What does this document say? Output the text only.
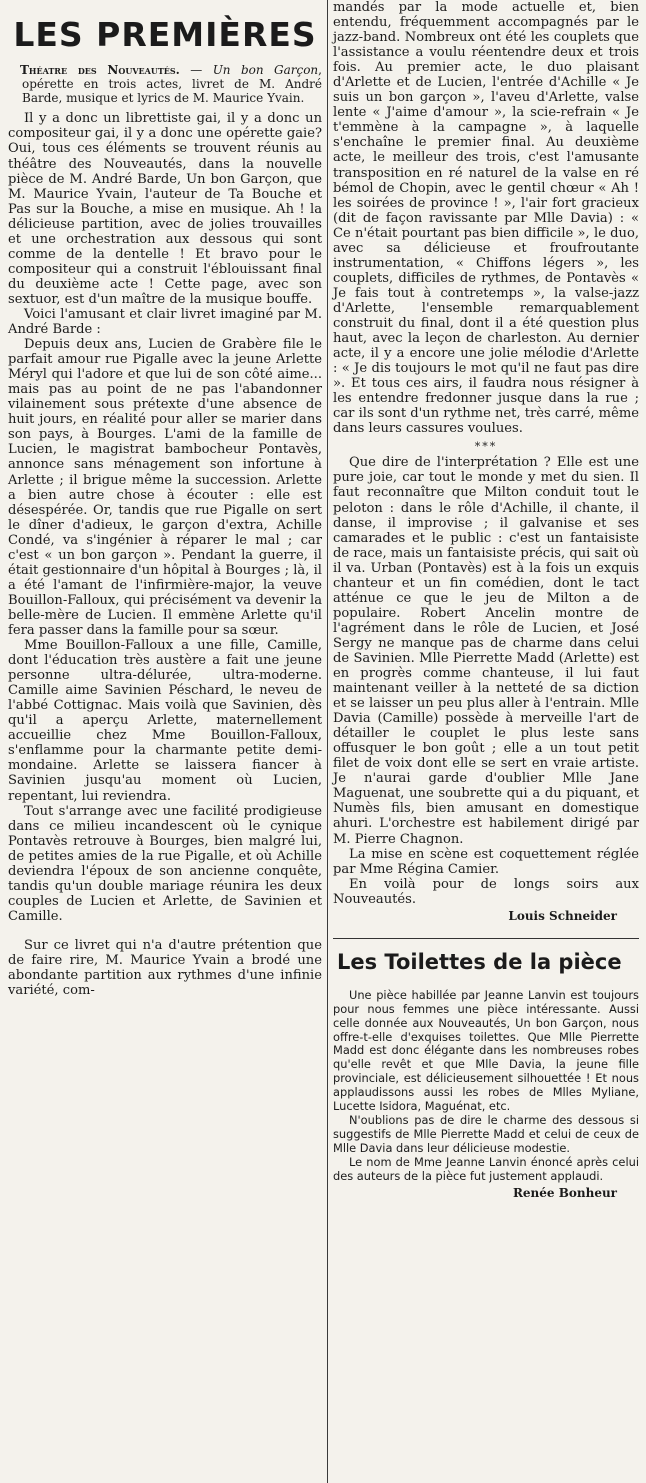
LES PREMIÈRES
Théatre des Nouveautés. — Un bon Garçon, opérette en trois actes, livret de M. André Barde, musique et lyrics de M. Maurice Yvain.

Il y a donc un librettiste gai, il y a donc un compositeur gai, il y a donc une opérette gaie? Oui, tous ces éléments se trouvent réunis au théâtre des Nouveautés, dans la nouvelle pièce de M. André Barde, Un bon Garçon, que M. Maurice Yvain, l'auteur de Ta Bouche et Pas sur la Bouche, a mise en musique. Ah ! la délicieuse partition, avec de jolies trouvailles et une orchestration aux dessous qui sont comme de la dentelle ! Et bravo pour le compositeur qui a construit l'éblouissant final du deuxième acte ! Cette page, avec son sextuor, est d'un maître de la musique bouffe.

Voici l'amusant et clair livret imaginé par M. André Barde :

Depuis deux ans, Lucien de Grabère file le parfait amour rue Pigalle avec la jeune Arlette Méryl qui l'adore et que lui de son côté aime... mais pas au point de ne pas l'abandonner vilainement sous prétexte d'une absence de huit jours, en réalité pour aller se marier dans son pays, à Bourges. L'ami de la famille de Lucien, le magistrat bambocheur Pontavès, annonce sans ménagement son infortune à Arlette ; il brigue même la succession. Arlette a bien autre chose à écouter : elle est désespérée. Or, tandis que rue Pigalle on sert le dîner d'adieux, le garçon d'extra, Achille Condé, va s'ingénier à réparer le mal ; car c'est « un bon garçon ». Pendant la guerre, il était gestionnaire d'un hôpital à Bourges ; là, il a été l'amant de l'infirmière-major, la veuve Bouillon-Falloux, qui précisément va devenir la belle-mère de Lucien. Il emmène Arlette qu'il fera passer dans la famille pour sa sœur.

Mme Bouillon-Falloux a une fille, Camille, dont l'éducation très austère a fait une jeune personne ultra-délurée, ultra-moderne. Camille aime Savinien Péschard, le neveu de l'abbé Cottignac. Mais voilà que Savinien, dès qu'il a aperçu Arlette, maternellement accueillie chez Mme Bouillon-Falloux, s'enflamme pour la charmante petite demi-mondaine. Arlette se laissera fiancer à Savinien jusqu'au moment où Lucien, repentant, lui reviendra.

Tout s'arrange avec une facilité prodigieuse dans ce milieu incandescent où le cynique Pontavès retrouve à Bourges, bien malgré lui, de petites amies de la rue Pigalle, et où Achille deviendra l'époux de son ancienne conquête, tandis qu'un double mariage réunira les deux couples de Lucien et Arlette, de Savinien et Camille.

Sur ce livret qui n'a d'autre prétention que de faire rire, M. Maurice Yvain a brodé une abondante partition aux rythmes d'une infinie variété, com-

mandés par la mode actuelle et, bien entendu, fréquemment accompagnés par le jazz-band. Nombreux ont été les couplets que l'assistance a voulu réentendre deux et trois fois. Au premier acte, le duo plaisant d'Arlette et de Lucien, l'entrée d'Achille « Je suis un bon garçon », l'aveu d'Arlette, valse lente « J'aime d'amour », la scie-refrain « Je t'emmène à la campagne », à laquelle s'enchaîne le premier final. Au deuxième acte, le meilleur des trois, c'est l'amusante transposition en ré naturel de la valse en ré bémol de Chopin, avec le gentil chœur « Ah ! les soirées de province ! », l'air fort gracieux (dit de façon ravissante par Mlle Davia) : « Ce n'était pourtant pas bien difficile », le duo, avec sa délicieuse et froufroutante instrumentation, « Chiffons légers », les couplets, difficiles de rythmes, de Pontavès « Je fais tout à contretemps », la valse-jazz d'Arlette, l'ensemble remarquablement construit du final, dont il a été question plus haut, avec la leçon de charleston. Au dernier acte, il y a encore une jolie mélodie d'Arlette : « Je dis toujours le mot qu'il ne faut pas dire ». Et tous ces airs, il faudra nous résigner à les entendre fredonner jusque dans la rue ; car ils sont d'un rythme net, très carré, même dans leurs cassures voulues.

***

Que dire de l'interprétation ? Elle est une pure joie, car tout le monde y met du sien. Il faut reconnaître que Milton conduit tout le peloton : dans le rôle d'Achille, il chante, il danse, il improvise ; il galvanise et ses camarades et le public : c'est un fantaisiste de race, mais un fantaisiste précis, qui sait où il va. Urban (Pontavès) est à la fois un exquis chanteur et un fin comédien, dont le tact atténue ce que le jeu de Milton a de populaire. Robert Ancelin montre de l'agrément dans le rôle de Lucien, et José Sergy ne manque pas de charme dans celui de Savinien. Mlle Pierrette Madd (Arlette) est en progrès comme chanteuse, il lui faut maintenant veiller à la netteté de sa diction et se laisser un peu plus aller à l'entrain. Mlle Davia (Camille) possède à merveille l'art de détailler le couplet le plus leste sans offusquer le bon goût ; elle a un tout petit filet de voix dont elle se sert en vraie artiste. Je n'aurai garde d'oublier Mlle Jane Maguenat, une soubrette qui a du piquant, et Numès fils, bien amusant en domestique ahuri. L'orchestre est habilement dirigé par M. Pierre Chagnon.

La mise en scène est coquettement réglée par Mme Régina Camier.

En voilà pour de longs soirs aux Nouveautés.

Louis Schneider
Les Toilettes de la pièce

Une pièce habillée par Jeanne Lanvin est toujours pour nous femmes une pièce intéressante. Aussi celle donnée aux Nouveautés, Un bon Garçon, nous offre-t-elle d'exquises toilettes. Que Mlle Pierrette Madd est donc élégante dans les nombreuses robes qu'elle revêt et que Mlle Davia, la jeune fille provinciale, est délicieusement silhouettée ! Et nous applaudissons aussi les robes de Mlles Myliane, Lucette Isidora, Maguénat, etc.

N'oublions pas de dire le charme des dessous si suggestifs de Mlle Pierrette Madd et celui de ceux de Mlle Davia dans leur délicieuse modestie.

Le nom de Mme Jeanne Lanvin énoncé après celui des auteurs de la pièce fut justement applaudi.

Renée Bonheur
